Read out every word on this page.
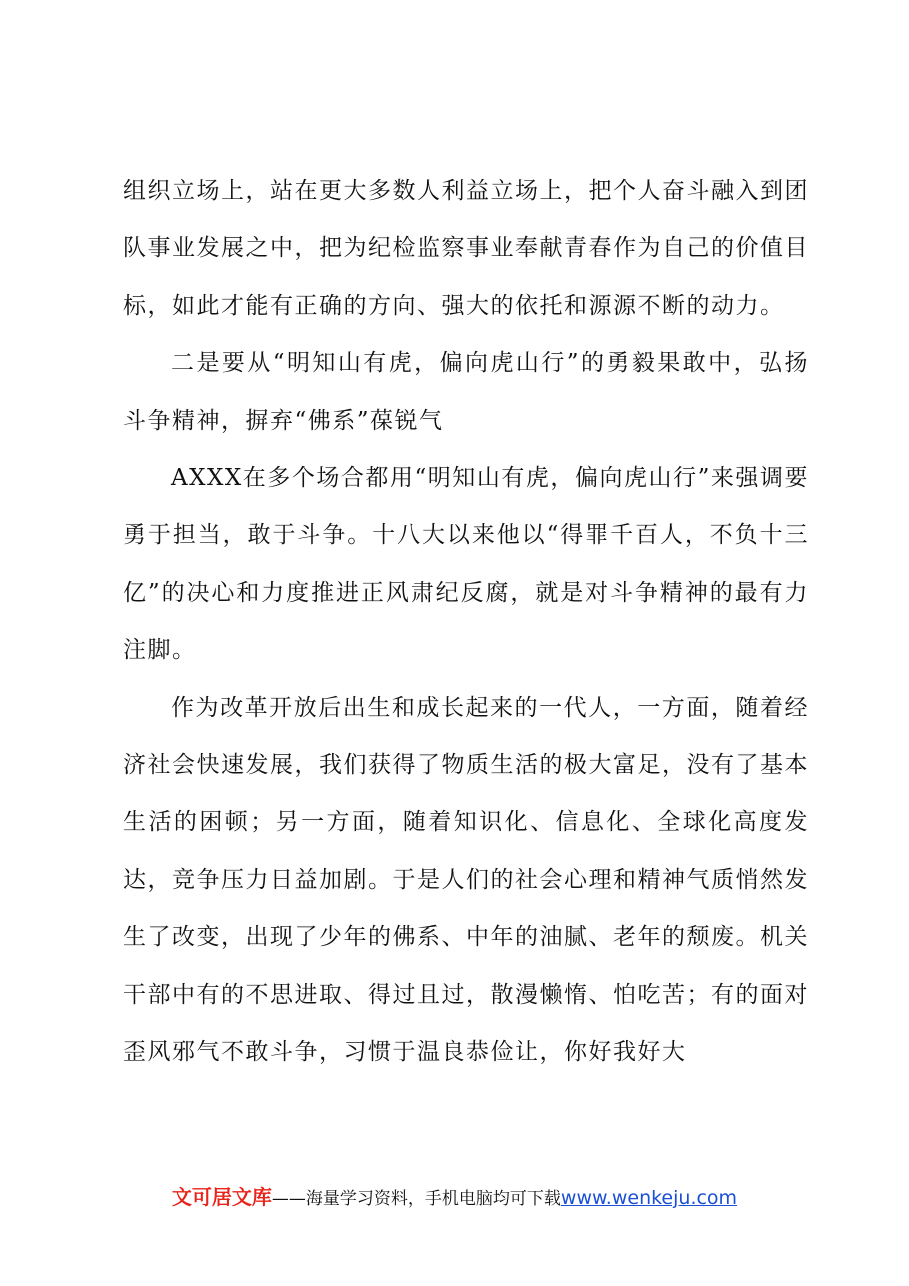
组织立场上，站在更大多数人利益立场上，把个人奋斗融入到团队事业发展之中，把为纪检监察事业奉献青春作为自己的价值目标，如此才能有正确的方向、强大的依托和源源不断的动力。

二是要从“明知山有虎，偏向虎山行”的勇毅果敢中，弘扬斗争精神，摒弃“佛系”葆锐气

AXXX在多个场合都用“明知山有虎，偏向虎山行”来强调要勇于担当，敢于斗争。十八大以来他以“得罪千百人，不负十三亿”的决心和力度推进正风肃纪反腐，就是对斗争精神的最有力注脚。

作为改革开放后出生和成长起来的一代人，一方面，随着经济社会快速发展，我们获得了物质生活的极大富足，没有了基本生活的困顿；另一方面，随着知识化、信息化、全球化高度发达，竞争压力日益加剧。于是人们的社会心理和精神气质悄然发生了改变，出现了少年的佛系、中年的油腻、老年的颓废。机关干部中有的不思进取、得过且过，散漫懒惰、怕吃苦；有的面对歪风邪气不敢斗争，习惯于温良恭俭让，你好我好大

文可居文库——海量学习资料，手机电脑均可下载www.wenkeju.com
